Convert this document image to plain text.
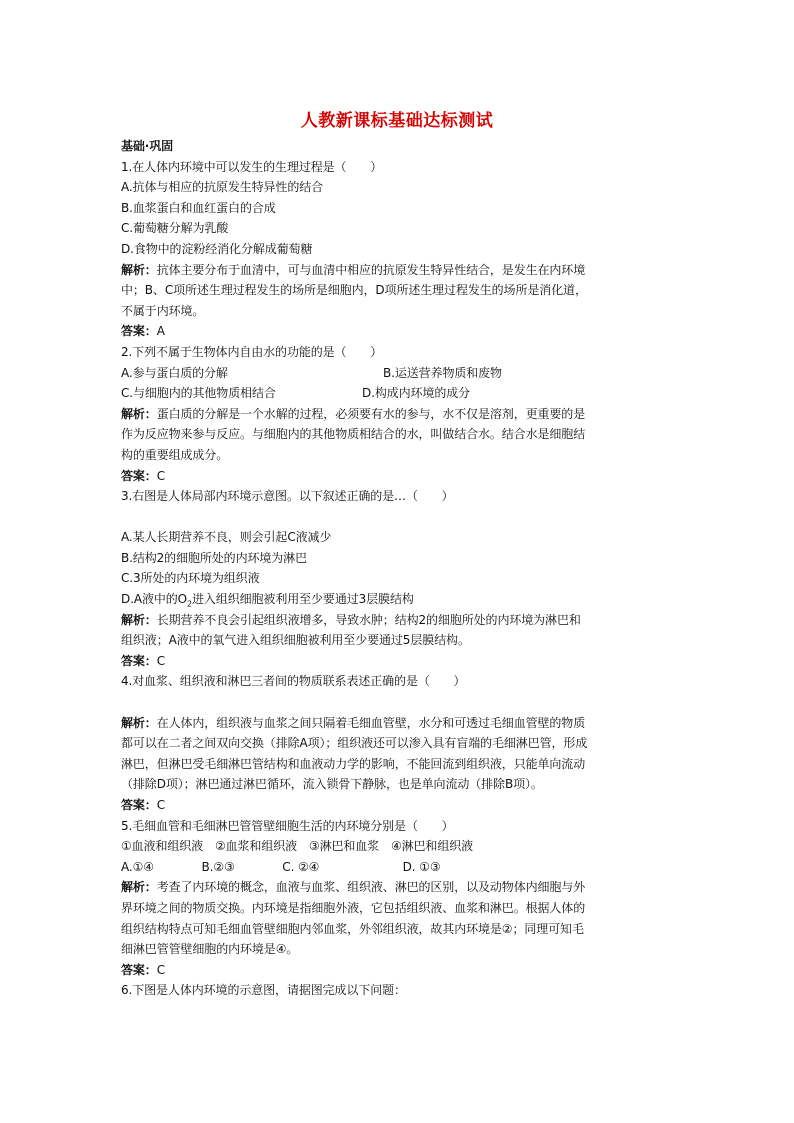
人教新课标基础达标测试
基础·巩固
1.在人体内环境中可以发生的生理过程是（　　）
A.抗体与相应的抗原发生特异性的结合
B.血浆蛋白和血红蛋白的合成
C.葡萄糖分解为乳酸
D.食物中的淀粉经消化分解成葡萄糖
解析：抗体主要分布于血清中，可与血清中相应的抗原发生特异性结合，是发生在内环境
中；B、C项所述生理过程发生的场所是细胞内，D项所述生理过程发生的场所是消化道，
不属于内环境。
答案：A
2.下列不属于生物体内自由水的功能的是（　　）
A.参与蛋白质的分解	B.运送营养物质和废物
C.与细胞内的其他物质相结合	D.构成内环境的成分
解析：蛋白质的分解是一个水解的过程，必须要有水的参与，水不仅是溶剂，更重要的是
作为反应物来参与反应。与细胞内的其他物质相结合的水，叫做结合水。结合水是细胞结
构的重要组成成分。
答案：C
3.右图是人体局部内环境示意图。以下叙述正确的是…（　　）
A.某人长期营养不良，则会引起C液减少
B.结构2的细胞所处的内环境为淋巴
C.3所处的内环境为组织液
D.A液中的$O_2$进入组织细胞被利用至少要通过3层膜结构
解析：长期营养不良会引起组织液增多，导致水肿；结构2的细胞所处的内环境为淋巴和
组织液；A液中的氧气进入组织细胞被利用至少要通过5层膜结构。
答案：C
4.对血浆、组织液和淋巴三者间的物质联系表述正确的是（　　）
解析：在人体内，组织液与血浆之间只隔着毛细血管壁，水分和可透过毛细血管壁的物质
都可以在二者之间双向交换（排除A项）；组织液还可以渗入具有盲端的毛细淋巴管，形成
淋巴，但淋巴受毛细淋巴管结构和血液动力学的影响，不能回流到组织液，只能单向流动
（排除D项）；淋巴通过淋巴循环，流入锁骨下静脉，也是单向流动（排除B项）。
答案：C
5.毛细血管和毛细淋巴管管壁细胞生活的内环境分别是（　　）
①血液和组织液　②血浆和组织液　③淋巴和血浆　④淋巴和组织液
A.①④　　　　B.②③　　　　C. ②④　　　　　　　D. ①③
解析：考查了内环境的概念，血液与血浆、组织液、淋巴的区别，以及动物体内细胞与外
界环境之间的物质交换。内环境是指细胞外液，它包括组织液、血浆和淋巴。根据人体的
组织结构特点可知毛细血管壁细胞内邻血浆，外邻组织液，故其内环境是②；同理可知毛
细淋巴管管壁细胞的内环境是④。
答案：C
6.下图是人体内环境的示意图，请据图完成以下问题：
